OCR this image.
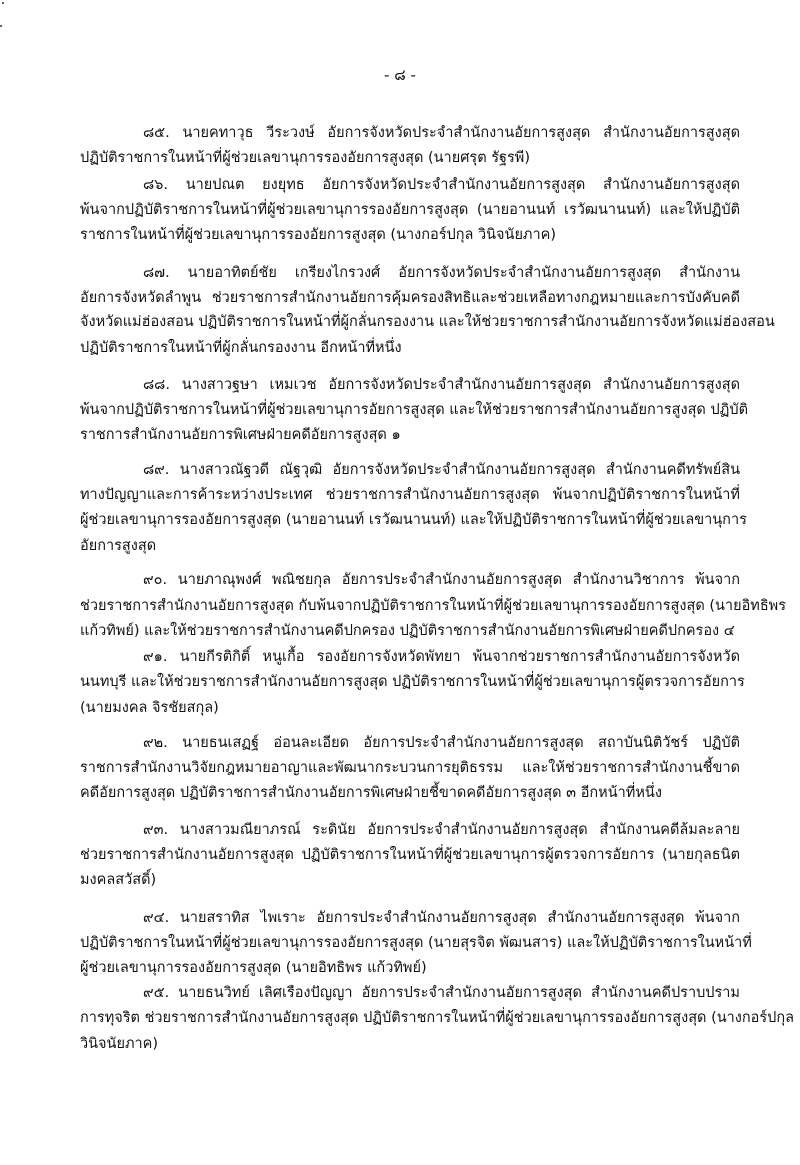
- ๘ -
๘๕. นายคทาวุธ วีระวงษ์ อัยการจังหวัดประจำสำนักงานอัยการสูงสุด สำนักงานอัยการสูงสุด
ปฏิบัติราชการในหน้าที่ผู้ช่วยเลขานุการรองอัยการสูงสุด (นายศรุต รัฐรพี)
๘๖. นายปณต ยงยุทธ อัยการจังหวัดประจำสำนักงานอัยการสูงสุด สำนักงานอัยการสูงสุด
พ้นจากปฏิบัติราชการในหน้าที่ผู้ช่วยเลขานุการรองอัยการสูงสุด (นายอานนท์ เรวัฒนานนท์) และให้ปฏิบัติ
ราชการในหน้าที่ผู้ช่วยเลขานุการรองอัยการสูงสุด (นางกอร์ปกุล วินิจนัยภาค)
๘๗. นายอาทิตย์ชัย เกรียงไกรวงศ์ อัยการจังหวัดประจำสำนักงานอัยการสูงสุด สำนักงาน
อัยการจังหวัดลำพูน ช่วยราชการสำนักงานอัยการคุ้มครองสิทธิและช่วยเหลือทางกฎหมายและการบังคับคดี
จังหวัดแม่ฮ่องสอน ปฏิบัติราชการในหน้าที่ผู้กลั่นกรองงาน และให้ช่วยราชการสำนักงานอัยการจังหวัดแม่ฮ่องสอน
ปฏิบัติราชการในหน้าที่ผู้กลั่นกรองงาน อีกหน้าที่หนึ่ง
๘๘. นางสาวฐษา เหมเวช อัยการจังหวัดประจำสำนักงานอัยการสูงสุด สำนักงานอัยการสูงสุด
พ้นจากปฏิบัติราชการในหน้าที่ผู้ช่วยเลขานุการอัยการสูงสุด และให้ช่วยราชการสำนักงานอัยการสูงสุด ปฏิบัติ
ราชการสำนักงานอัยการพิเศษฝ่ายคดีอัยการสูงสุด ๑
๘๙. นางสาวณัฐวดี ณัฐวุฒิ อัยการจังหวัดประจำสำนักงานอัยการสูงสุด สำนักงานคดีทรัพย์สิน
ทางปัญญาและการค้าระหว่างประเทศ ช่วยราชการสำนักงานอัยการสูงสุด พ้นจากปฏิบัติราชการในหน้าที่
ผู้ช่วยเลขานุการรองอัยการสูงสุด (นายอานนท์ เรวัฒนานนท์) และให้ปฏิบัติราชการในหน้าที่ผู้ช่วยเลขานุการ
อัยการสูงสุด
๙๐. นายภาณุพงศ์ พณิชยกุล อัยการประจำสำนักงานอัยการสูงสุด สำนักงานวิชาการ พ้นจาก
ช่วยราชการสำนักงานอัยการสูงสุด กับพ้นจากปฏิบัติราชการในหน้าที่ผู้ช่วยเลขานุการรองอัยการสูงสุด (นายอิทธิพร
แก้วทิพย์) และให้ช่วยราชการสำนักงานคดีปกครอง ปฏิบัติราชการสำนักงานอัยการพิเศษฝ่ายคดีปกครอง ๔
๙๑. นายกีรติกิติ์ หนูเกื้อ รองอัยการจังหวัดพัทยา พ้นจากช่วยราชการสำนักงานอัยการจังหวัด
นนทบุรี และให้ช่วยราชการสำนักงานอัยการสูงสุด ปฏิบัติราชการในหน้าที่ผู้ช่วยเลขานุการผู้ตรวจการอัยการ
(นายมงคล จิรชัยสกุล)
๙๒. นายธนเสฏฐ์ อ่อนละเอียด อัยการประจำสำนักงานอัยการสูงสุด สถาบันนิติวัชร์ ปฏิบัติ
ราชการสำนักงานวิจัยกฎหมายอาญาและพัฒนากระบวนการยุติธรรม และให้ช่วยราชการสำนักงานชี้ขาด
คดีอัยการสูงสุด ปฏิบัติราชการสำนักงานอัยการพิเศษฝ่ายชี้ขาดคดีอัยการสูงสุด ๓ อีกหน้าที่หนึ่ง
๙๓. นางสาวมณียาภรณ์ ระดินัย อัยการประจำสำนักงานอัยการสูงสุด สำนักงานคดีล้มละลาย
ช่วยราชการสำนักงานอัยการสูงสุด ปฏิบัติราชการในหน้าที่ผู้ช่วยเลขานุการผู้ตรวจการอัยการ (นายกุลธนิต
มงคลสวัสดิ์)
๙๔. นายสราทิส ไพเราะ อัยการประจำสำนักงานอัยการสูงสุด สำนักงานอัยการสูงสุด พ้นจาก
ปฏิบัติราชการในหน้าที่ผู้ช่วยเลขานุการรองอัยการสูงสุด (นายสุรจิต พัฒนสาร) และให้ปฏิบัติราชการในหน้าที่
ผู้ช่วยเลขานุการรองอัยการสูงสุด (นายอิทธิพร แก้วทิพย์)
๙๕. นายธนวิทย์ เลิศเรืองปัญญา อัยการประจำสำนักงานอัยการสูงสุด สำนักงานคดีปราบปราม
การทุจริต ช่วยราชการสำนักงานอัยการสูงสุด ปฏิบัติราชการในหน้าที่ผู้ช่วยเลขานุการรองอัยการสูงสุด (นางกอร์ปกุล
วินิจนัยภาค)
